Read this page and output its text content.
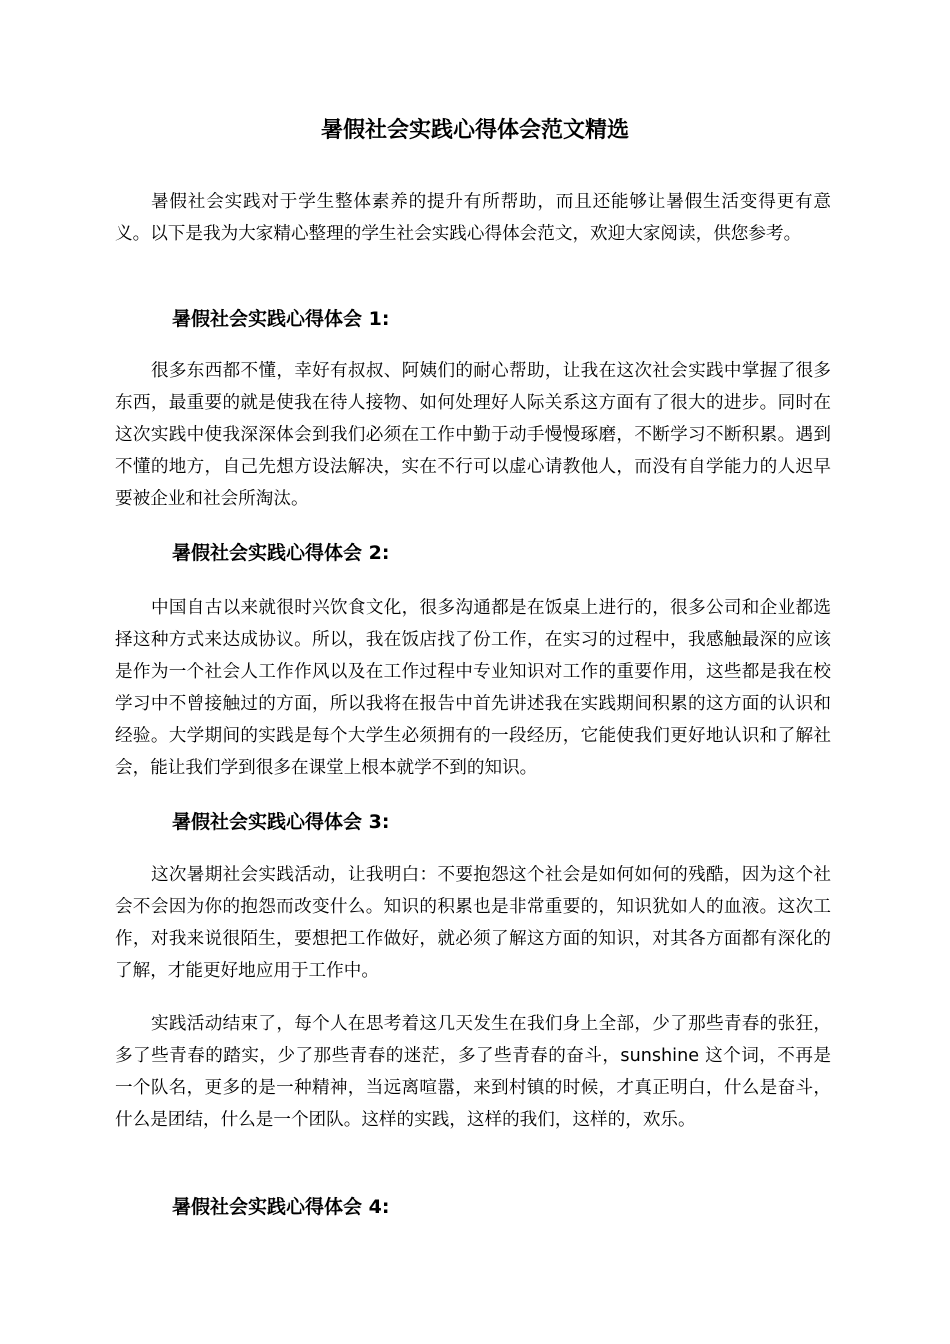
暑假社会实践心得体会范文精选
暑假社会实践对于学生整体素养的提升有所帮助，而且还能够让暑假生活变得更有意义。以下是我为大家精心整理的学生社会实践心得体会范文，欢迎大家阅读，供您参考。
暑假社会实践心得体会 1:
很多东西都不懂，幸好有叔叔、阿姨们的耐心帮助，让我在这次社会实践中掌握了很多东西，最重要的就是使我在待人接物、如何处理好人际关系这方面有了很大的进步。同时在这次实践中使我深深体会到我们必须在工作中勤于动手慢慢琢磨，不断学习不断积累。遇到不懂的地方，自己先想方设法解决，实在不行可以虚心请教他人，而没有自学能力的人迟早要被企业和社会所淘汰。
暑假社会实践心得体会 2:
中国自古以来就很时兴饮食文化，很多沟通都是在饭桌上进行的，很多公司和企业都选择这种方式来达成协议。所以，我在饭店找了份工作，在实习的过程中，我感触最深的应该是作为一个社会人工作作风以及在工作过程中专业知识对工作的重要作用，这些都是我在校学习中不曾接触过的方面，所以我将在报告中首先讲述我在实践期间积累的这方面的认识和经验。大学期间的实践是每个大学生必须拥有的一段经历，它能使我们更好地认识和了解社会，能让我们学到很多在课堂上根本就学不到的知识。
暑假社会实践心得体会 3:
这次暑期社会实践活动，让我明白：不要抱怨这个社会是如何如何的残酷，因为这个社会不会因为你的抱怨而改变什么。知识的积累也是非常重要的，知识犹如人的血液。这次工作，对我来说很陌生，要想把工作做好，就必须了解这方面的知识，对其各方面都有深化的了解，才能更好地应用于工作中。
实践活动结束了，每个人在思考着这几天发生在我们身上全部，少了那些青春的张狂，多了些青春的踏实，少了那些青春的迷茫，多了些青春的奋斗，sunshine 这个词，不再是一个队名，更多的是一种精神，当远离喧嚣，来到村镇的时候，才真正明白，什么是奋斗，什么是团结，什么是一个团队。这样的实践，这样的我们，这样的，欢乐。
暑假社会实践心得体会 4:
